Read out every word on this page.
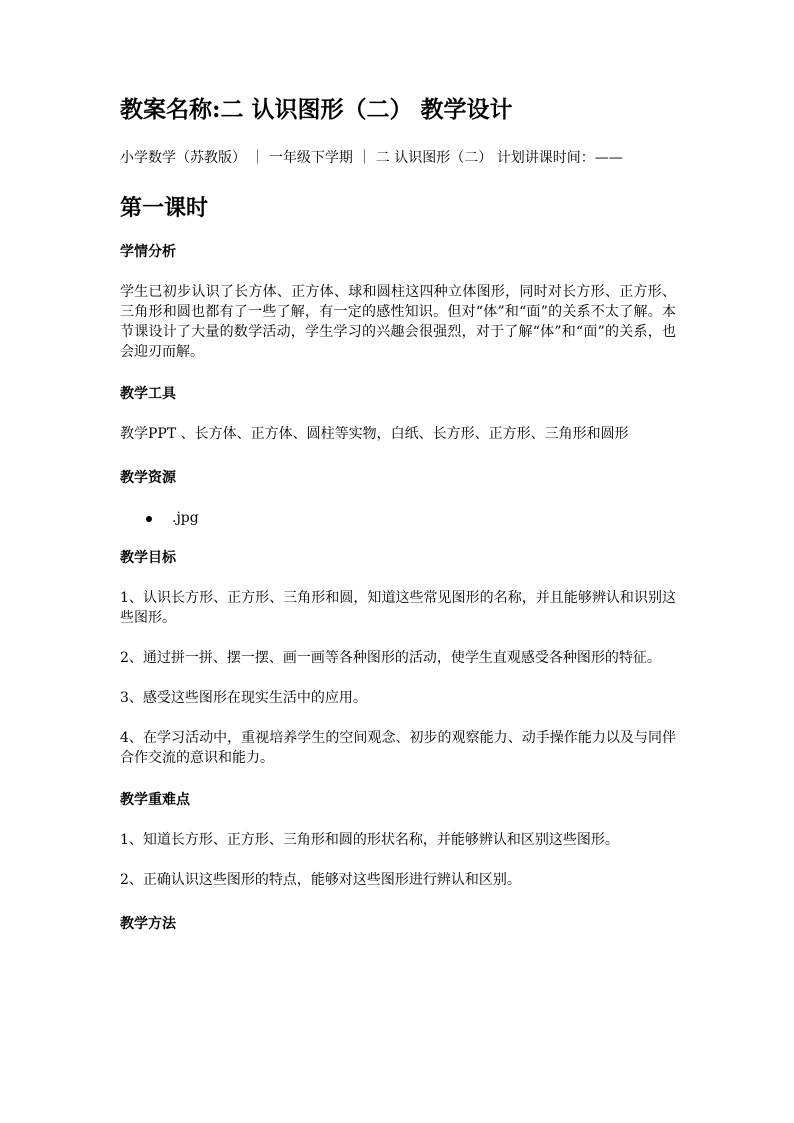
教案名称:二 认识图形（二） 教学设计

小学数学（苏教版） ｜ 一年级下学期 ｜ 二 认识图形（二） 计划讲课时间：——

第一课时
学情分析

学生已初步认识了长方体、正方体、球和圆柱这四种立体图形，同时对长方形、正方形、三角形和圆也都有了一些了解，有一定的感性知识。但对“体”和“面”的关系不太了解。本节课设计了大量的数学活动，学生学习的兴趣会很强烈，对于了解“体”和“面”的关系，也会迎刃而解。

教学工具

教学PPT 、长方体、正方体、圆柱等实物，白纸、长方形、正方形、三角形和圆形

教学资源
.jpg
教学目标

1、认识长方形、正方形、三角形和圆，知道这些常见图形的名称，并且能够辨认和识别这些图形。

2、通过拼一拼、摆一摆、画一画等各种图形的活动，使学生直观感受各种图形的特征。

3、感受这些图形在现实生活中的应用。

4、在学习活动中，重视培养学生的空间观念、初步的观察能力、动手操作能力以及与同伴合作交流的意识和能力。

教学重难点

1、知道长方形、正方形、三角形和圆的形状名称，并能够辨认和区别这些图形。

2、正确认识这些图形的特点，能够对这些图形进行辨认和区别。

教学方法
